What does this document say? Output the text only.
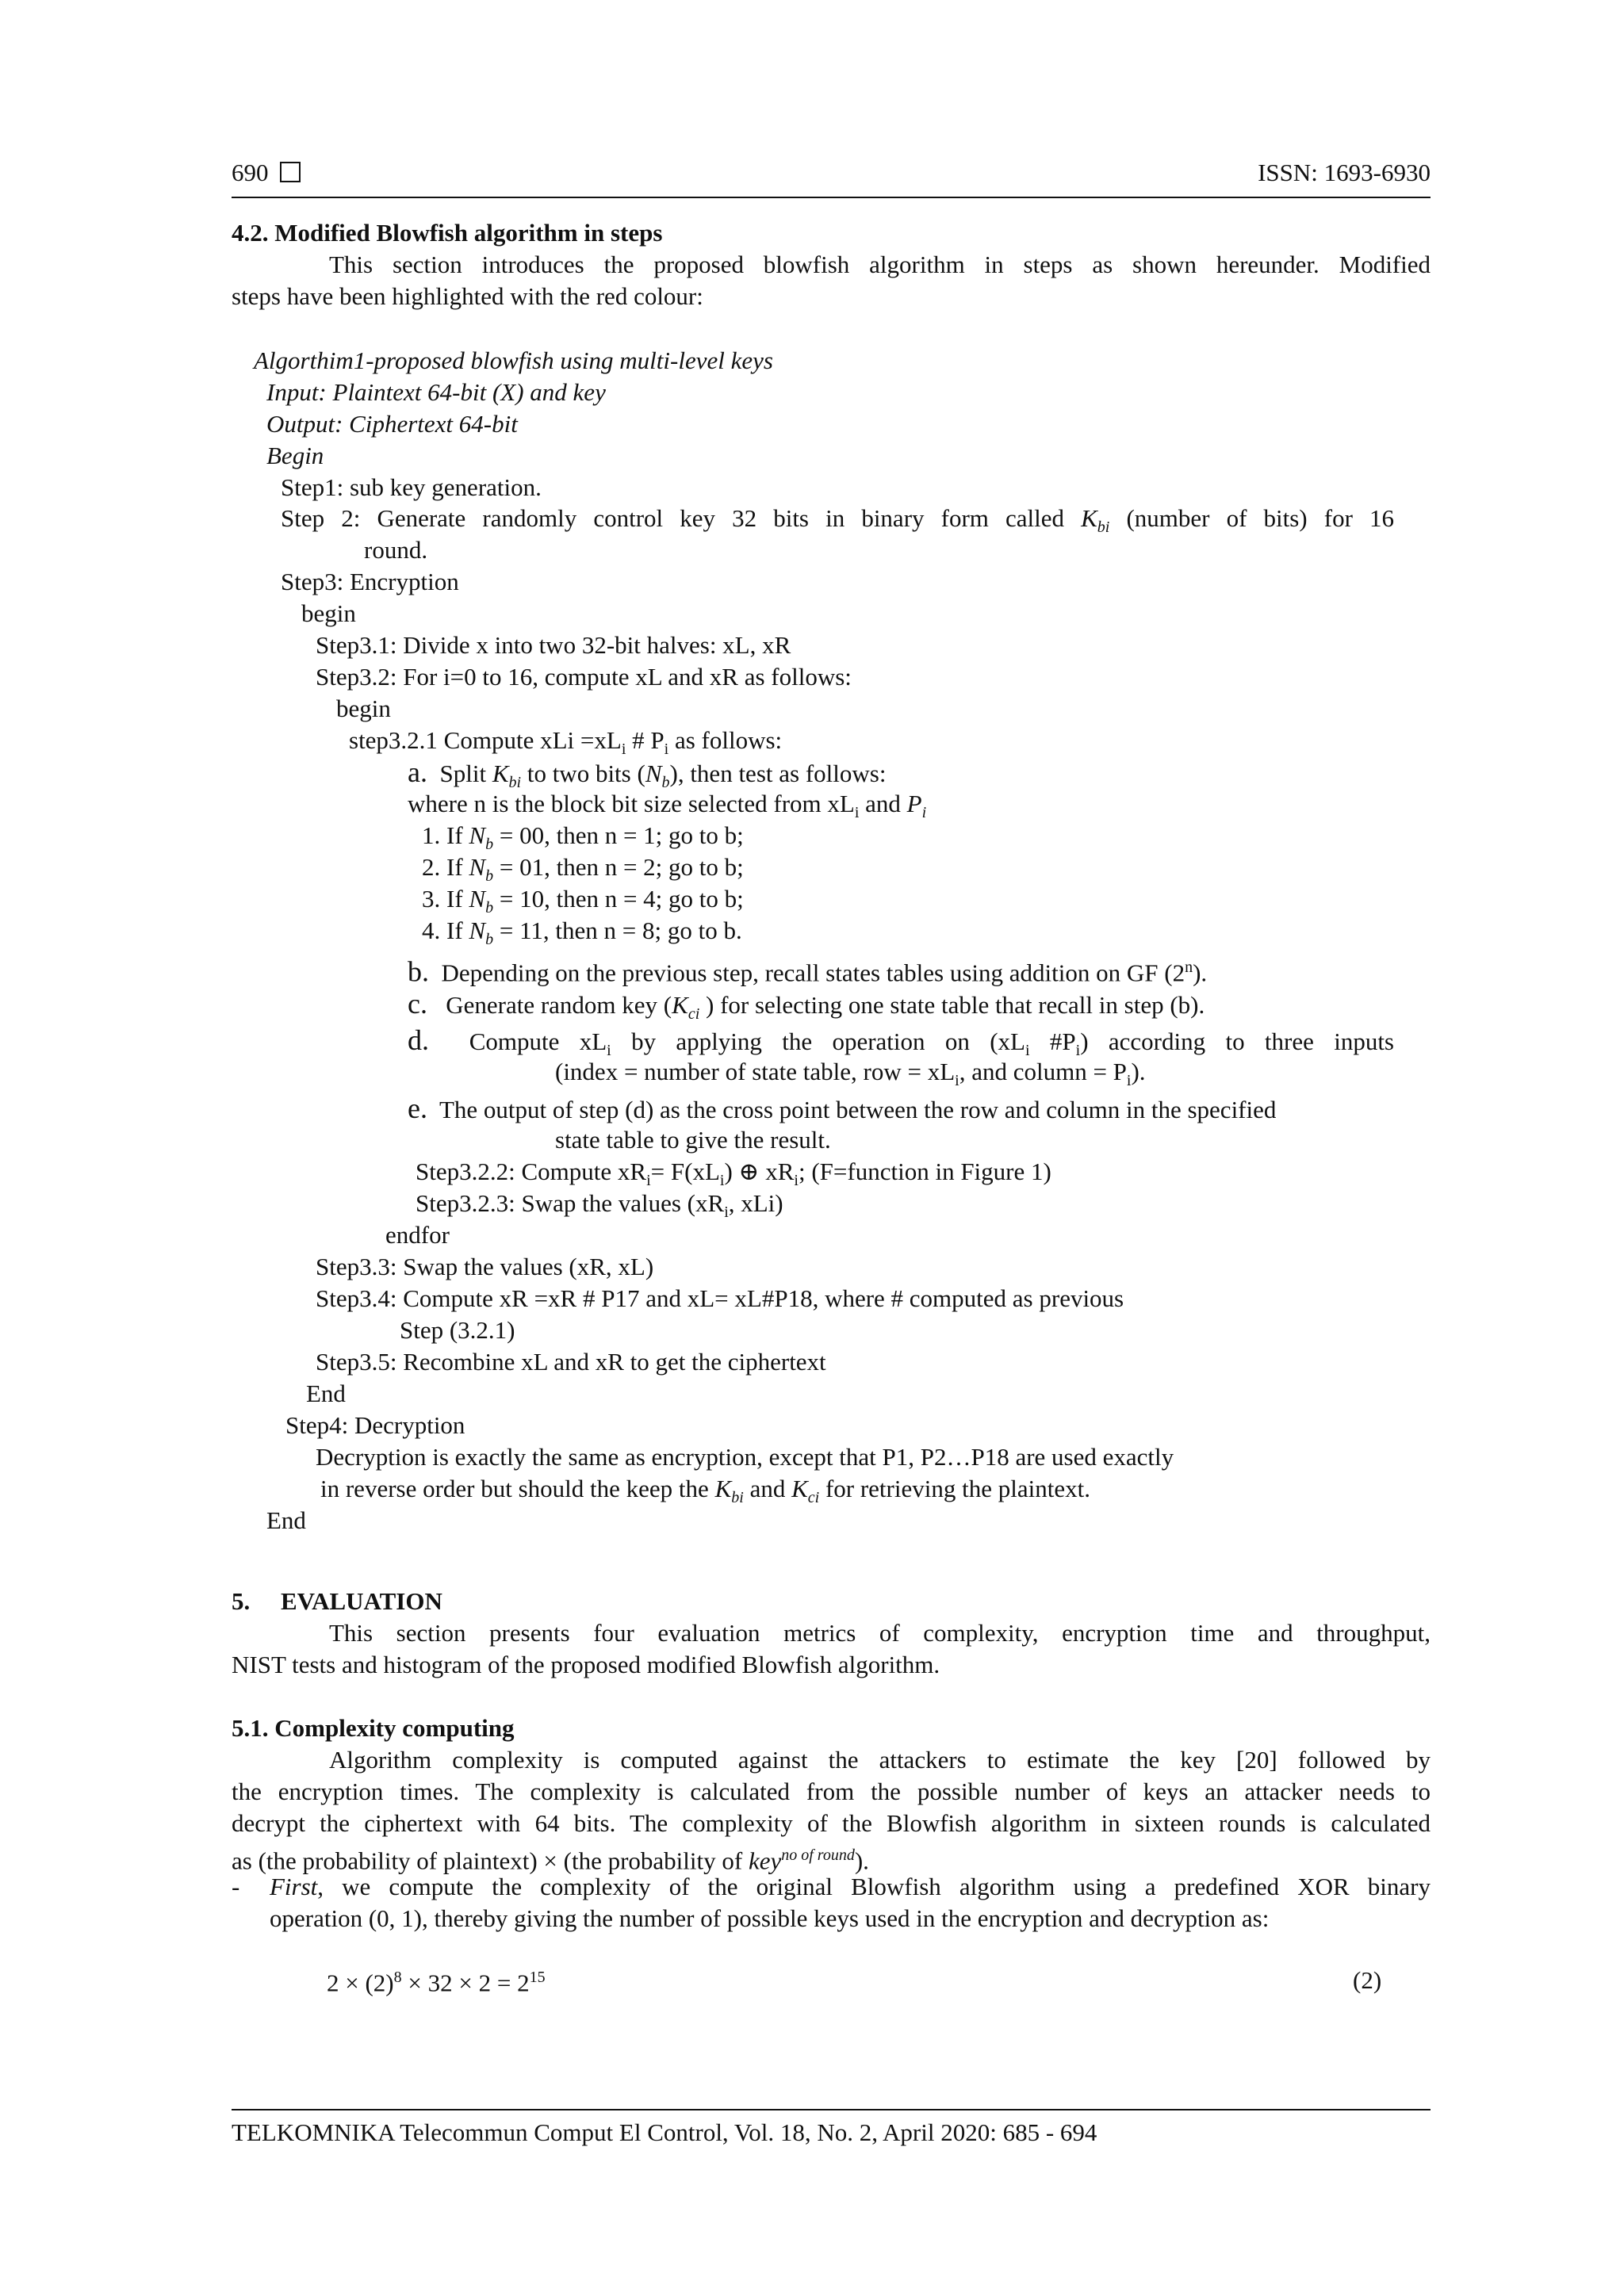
690	ISSN: 1693-6930
4.2. Modified Blowfish algorithm in steps
This section introduces the proposed blowfish algorithm in steps as shown hereunder. Modified
steps have been highlighted with the red colour:
Algorthim1-proposed blowfish using multi-level keys
Input: Plaintext 64-bit (X) and key
Output: Ciphertext 64-bit
Begin
Step1: sub key generation.
Step 2: Generate randomly control key 32 bits in binary form called $K_{bi}$ (number of bits) for 16
round.
Step3: Encryption
begin
Step3.1: Divide x into two 32-bit halves: xL, xR
Step3.2: For i=0 to 16, compute xL and xR as follows:
begin
step3.2.1 Compute xLi $=xL_i$ # $P_i$ as follows:
a. Split $K_{bi}$ to two bits $(N_b)$, then test as follows:
where n is the block bit size selected from $xL_i$ and $P_i$
1. If $N_b = 00$, then n = 1; go to b;
2. If $N_b = 01$, then n = 2; go to b;
3. If $N_b = 10$, then n = 4; go to b;
4. If $N_b = 11$, then n = 8; go to b.
b. Depending on the previous step, recall states tables using addition on GF (2$^n$).
c. Generate random key ($K_{ci}$ ) for selecting one state table that recall in step (b).
d. Compute $xL_i$ by applying the operation on ($xL_i$ $\#P_i$) according to three inputs
(index = number of state table, row = $xL_i$, and column = $P_i$).
e. The output of step (d) as the cross point between the row and column in the specified
state table to give the result.
Step3.2.2: Compute $xR_i= F(xL_i)$ ⊕ $xR_i$; (F=function in Figure 1)
Step3.2.3: Swap the values ($xR_i$, xLi)
endfor
Step3.3: Swap the values (xR, xL)
Step3.4: Compute xR =xR # P17 and xL= xL#P18, where # computed as previous
Step (3.2.1)
Step3.5: Recombine xL and xR to get the ciphertext
End
Step4: Decryption
Decryption is exactly the same as encryption, except that P1, P2…P18 are used exactly
in reverse order but should the keep the $K_{bi}$ and $K_{ci}$ for retrieving the plaintext.
End
5.     EVALUATION
This section presents four evaluation metrics of complexity, encryption time and throughput,
NIST tests and histogram of the proposed modified Blowfish algorithm.
5.1. Complexity computing
Algorithm complexity is computed against the attackers to estimate the key [20] followed by
the encryption times. The complexity is calculated from the possible number of keys an attacker needs to
decrypt the ciphertext with 64 bits. The complexity of the Blowfish algorithm in sixteen rounds is calculated
as (the probability of plaintext) × (the probability of key$^{no of round}$).
- First, we compute the complexity of the original Blowfish algorithm using a predefined XOR binary
operation (0, 1), thereby giving the number of possible keys used in the encryption and decryption as:
$2 \times (2)^8 \times 32 \times 2 = 2^{15}$	(2)
TELKOMNIKA Telecommun Comput El Control, Vol. 18, No. 2, April 2020: 685 - 694
